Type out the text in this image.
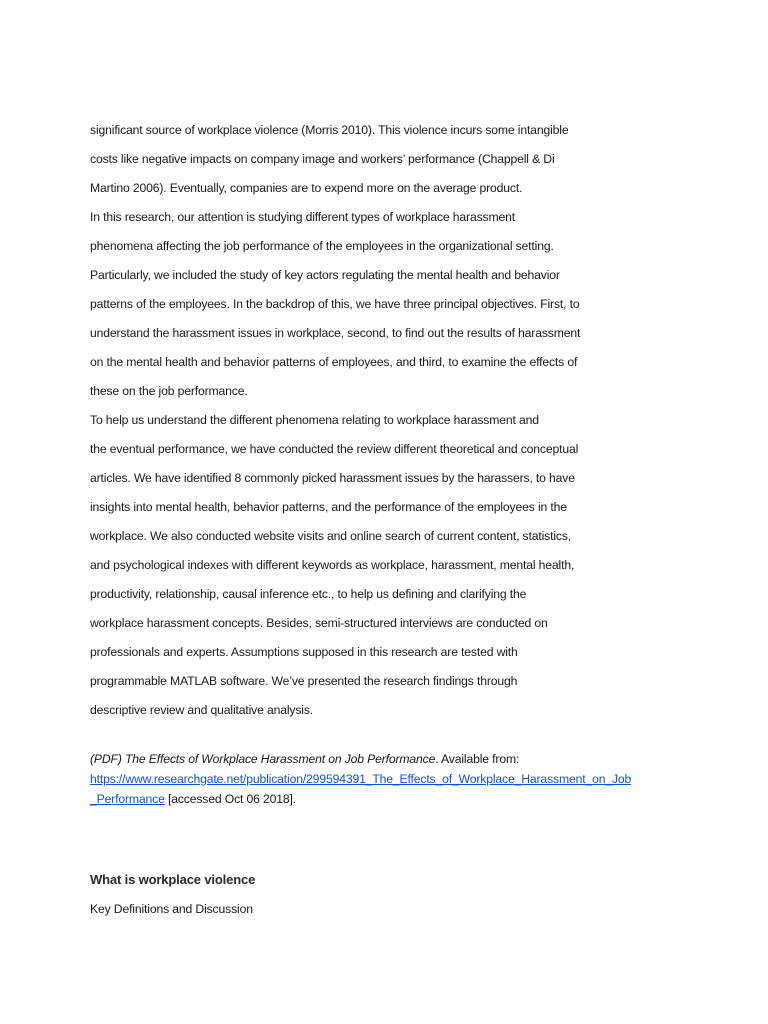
significant source of workplace violence (Morris 2010). This violence incurs some intangible
costs like negative impacts on company image and workers’ performance (Chappell & Di
Martino 2006). Eventually, companies are to expend more on the average product.
In this research, our attention is studying different types of workplace harassment
phenomena affecting the job performance of the employees in the organizational setting.
Particularly, we included the study of key actors regulating the mental health and behavior
patterns of the employees. In the backdrop of this, we have three principal objectives. First, to
understand the harassment issues in workplace, second, to find out the results of harassment
on the mental health and behavior patterns of employees, and third, to examine the effects of
these on the job performance.
To help us understand the different phenomena relating to workplace harassment and
the eventual performance, we have conducted the review different theoretical and conceptual
articles. We have identified 8 commonly picked harassment issues by the harassers, to have
insights into mental health, behavior patterns, and the performance of the employees in the
workplace. We also conducted website visits and online search of current content, statistics,
and psychological indexes with different keywords as workplace, harassment, mental health,
productivity, relationship, causal inference etc., to help us defining and clarifying the
workplace harassment concepts. Besides, semi-structured interviews are conducted on
professionals and experts. Assumptions supposed in this research are tested with
programmable MATLAB software. We’ve presented the research findings through
descriptive review and qualitative analysis.
(PDF) The Effects of Workplace Harassment on Job Performance. Available from:
https://www.researchgate.net/publication/299594391_The_Effects_of_Workplace_Harassment_on_Job
_Performance [accessed Oct 06 2018].
What is workplace violence
Key Definitions and Discussion
